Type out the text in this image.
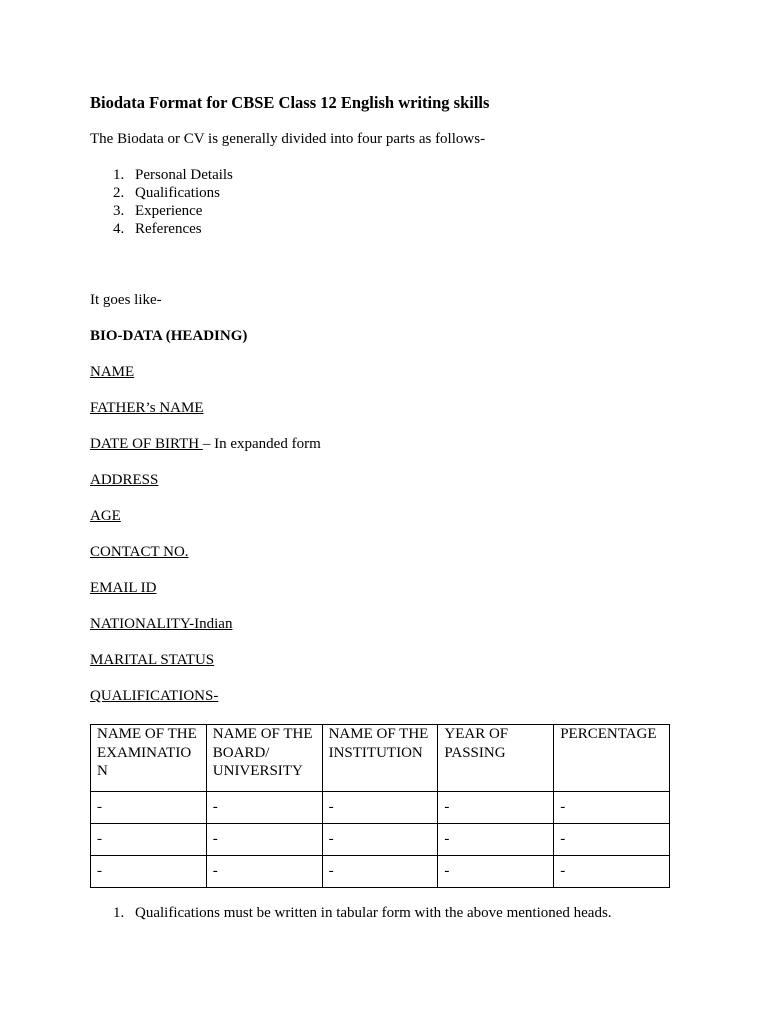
Biodata Format for CBSE Class 12 English writing skills
The Biodata or CV is generally divided into four parts as follows-
1. Personal Details
2. Qualifications
3. Experience
4. References
It goes like-
BIO-DATA (HEADING)
NAME
FATHER’s NAME
DATE OF BIRTH – In expanded form
ADDRESS
AGE
CONTACT NO.
EMAIL ID
NATIONALITY-Indian
MARITAL STATUS
QUALIFICATIONS-
NAME OF THE EXAMINATIO N	NAME OF THE BOARD/ UNIVERSITY	NAME OF THE INSTITUTION	YEAR OF PASSING	PERCENTAGE
-	-	-	-	-
-	-	-	-	-
-	-	-	-	-
1. Qualifications must be written in tabular form with the above mentioned heads.
